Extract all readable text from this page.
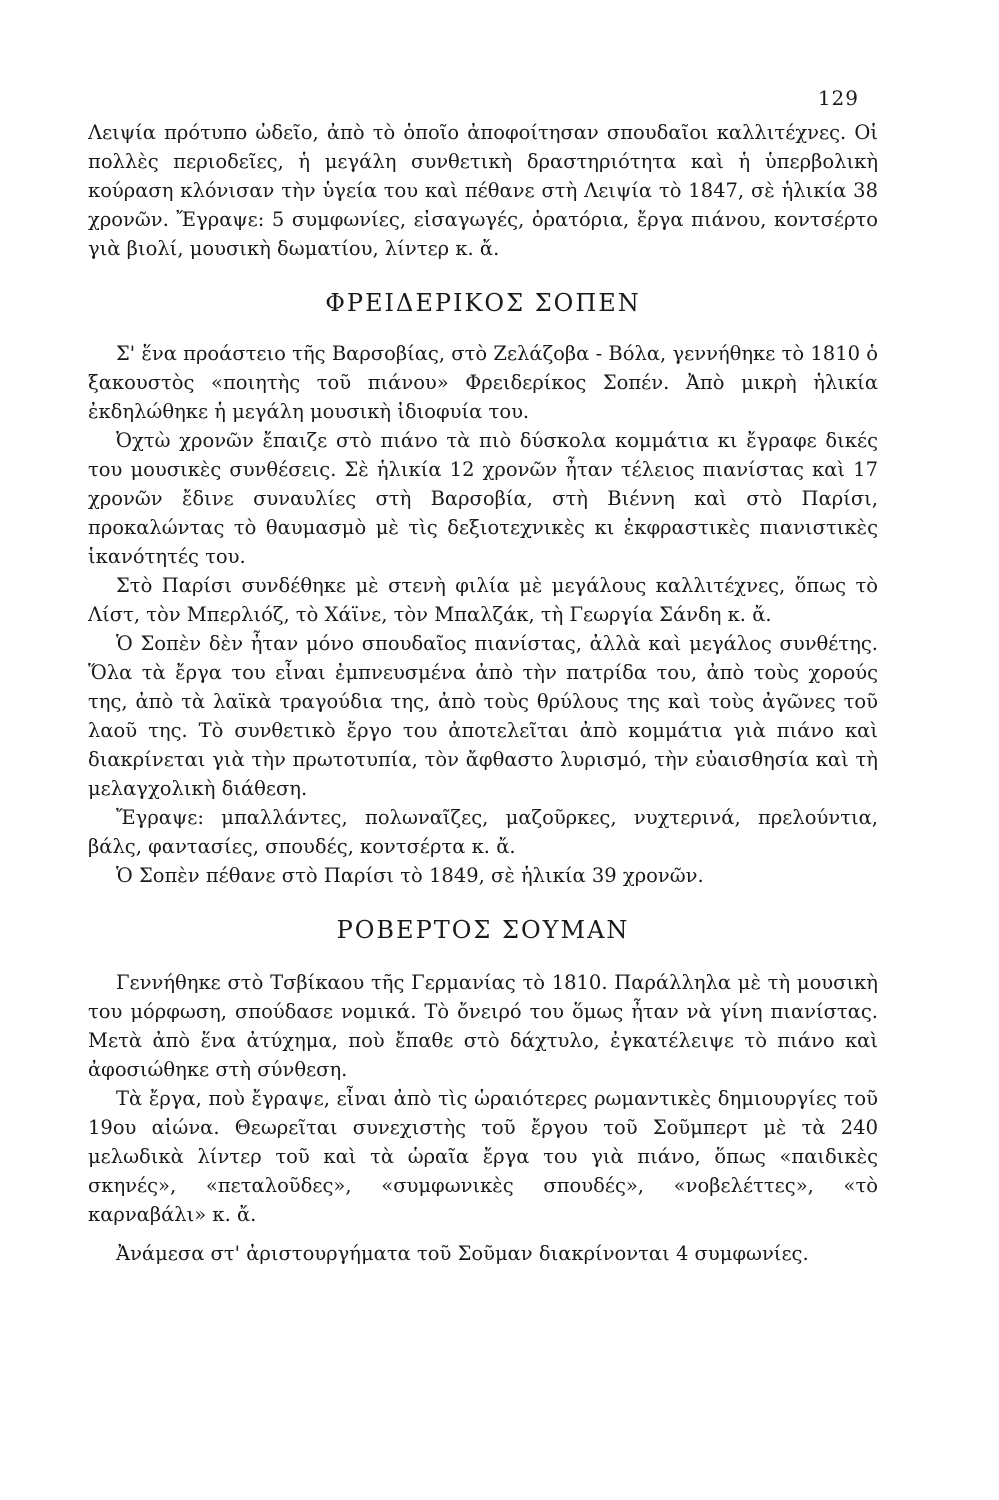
129

Λειψία πρότυπο ὠδεῖο, ἀπὸ τὸ ὁποῖο ἀποφοίτησαν σπουδαῖοι καλλιτέχνες. Οἱ πολλὲς περιοδεῖες, ἡ μεγάλη συνθετικὴ δραστηριότητα καὶ ἡ ὑπερβολικὴ κούραση κλόνισαν τὴν ὑγεία του καὶ πέθανε στὴ Λειψία τὸ 1847, σὲ ἡλικία 38 χρονῶν. Ἔγραψε: 5 συμφωνίες, εἰσαγωγές, ὀρατόρια, ἔργα πιάνου, κοντσέρτο γιὰ βιολί, μουσικὴ δωματίου, λίντερ κ. ἄ.

ΦΡΕΙΔΕΡΙΚΟΣ ΣΟΠΕΝ

Σ' ἕνα προάστειο τῆς Βαρσοβίας, στὸ Ζελάζοβα - Βόλα, γεννήθηκε τὸ 1810 ὁ ξακουστὸς «ποιητὴς τοῦ πιάνου» Φρειδερίκος Σοπέν. Ἀπὸ μικρὴ ἡλικία ἐκδηλώθηκε ἡ μεγάλη μουσικὴ ἰδιοφυία του.

Ὀχτὼ χρονῶν ἔπαιζε στὸ πιάνο τὰ πιὸ δύσκολα κομμάτια κι ἔγραφε δικές του μουσικὲς συνθέσεις. Σὲ ἡλικία 12 χρονῶν ἦταν τέλειος πιανίστας καὶ 17 χρονῶν ἔδινε συναυλίες στὴ Βαρσοβία, στὴ Βιέννη καὶ στὸ Παρίσι, προκαλώντας τὸ θαυμασμὸ μὲ τὶς δεξιοτεχνικὲς κι ἐκφραστικὲς πιανιστικὲς ἱκανότητές του.

Στὸ Παρίσι συνδέθηκε μὲ στενὴ φιλία μὲ μεγάλους καλλιτέχνες, ὅπως τὸ Λίστ, τὸν Μπερλιόζ, τὸ Χάϊνε, τὸν Μπαλζάκ, τὴ Γεωργία Σάνδη κ. ἄ.

Ὁ Σοπὲν δὲν ἦταν μόνο σπουδαῖος πιανίστας, ἀλλὰ καὶ μεγάλος συνθέτης. Ὅλα τὰ ἔργα του εἶναι ἐμπνευσμένα ἀπὸ τὴν πατρίδα του, ἀπὸ τοὺς χορούς της, ἀπὸ τὰ λαϊκὰ τραγούδια της, ἀπὸ τοὺς θρύλους της καὶ τοὺς ἀγῶνες τοῦ λαοῦ της. Τὸ συνθετικὸ ἔργο του ἀποτελεῖται ἀπὸ κομμάτια γιὰ πιάνο καὶ διακρίνεται γιὰ τὴν πρωτοτυπία, τὸν ἄφθαστο λυρισμό, τὴν εὐαισθησία καὶ τὴ μελαγχολικὴ διάθεση.

Ἔγραψε: μπαλλάντες, πολωναῖζες, μαζοῦρκες, νυχτερινά, πρελούντια, βάλς, φαντασίες, σπουδές, κοντσέρτα κ. ἄ.

Ὁ Σοπὲν πέθανε στὸ Παρίσι τὸ 1849, σὲ ἡλικία 39 χρονῶν.

ΡΟΒΕΡΤΟΣ ΣΟΥΜΑΝ

Γεννήθηκε στὸ Τσβίκαου τῆς Γερμανίας τὸ 1810. Παράλληλα μὲ τὴ μουσικὴ του μόρφωση, σπούδασε νομικά. Τὸ ὄνειρό του ὅμως ἦταν νὰ γίνη πιανίστας. Μετὰ ἀπὸ ἕνα ἀτύχημα, ποὺ ἔπαθε στὸ δάχτυλο, ἐγκατέλειψε τὸ πιάνο καὶ ἀφοσιώθηκε στὴ σύνθεση.

Τὰ ἔργα, ποὺ ἔγραψε, εἶναι ἀπὸ τὶς ὡραιότερες ρωμαντικὲς δημιουργίες τοῦ 19ου αἰώνα. Θεωρεῖται συνεχιστὴς τοῦ ἔργου τοῦ Σοῦμπερτ μὲ τὰ 240 μελωδικὰ λίντερ τοῦ καὶ τὰ ὡραῖα ἔργα του γιὰ πιάνο, ὅπως «παιδικὲς σκηνές», «πεταλοῦδες», «συμφωνικὲς σπουδές», «νοβελέττες», «τὸ καρναβάλι» κ. ἄ.

Ἀνάμεσα στ' ἀριστουργήματα τοῦ Σοῦμαν διακρίνονται 4 συμφωνίες.
